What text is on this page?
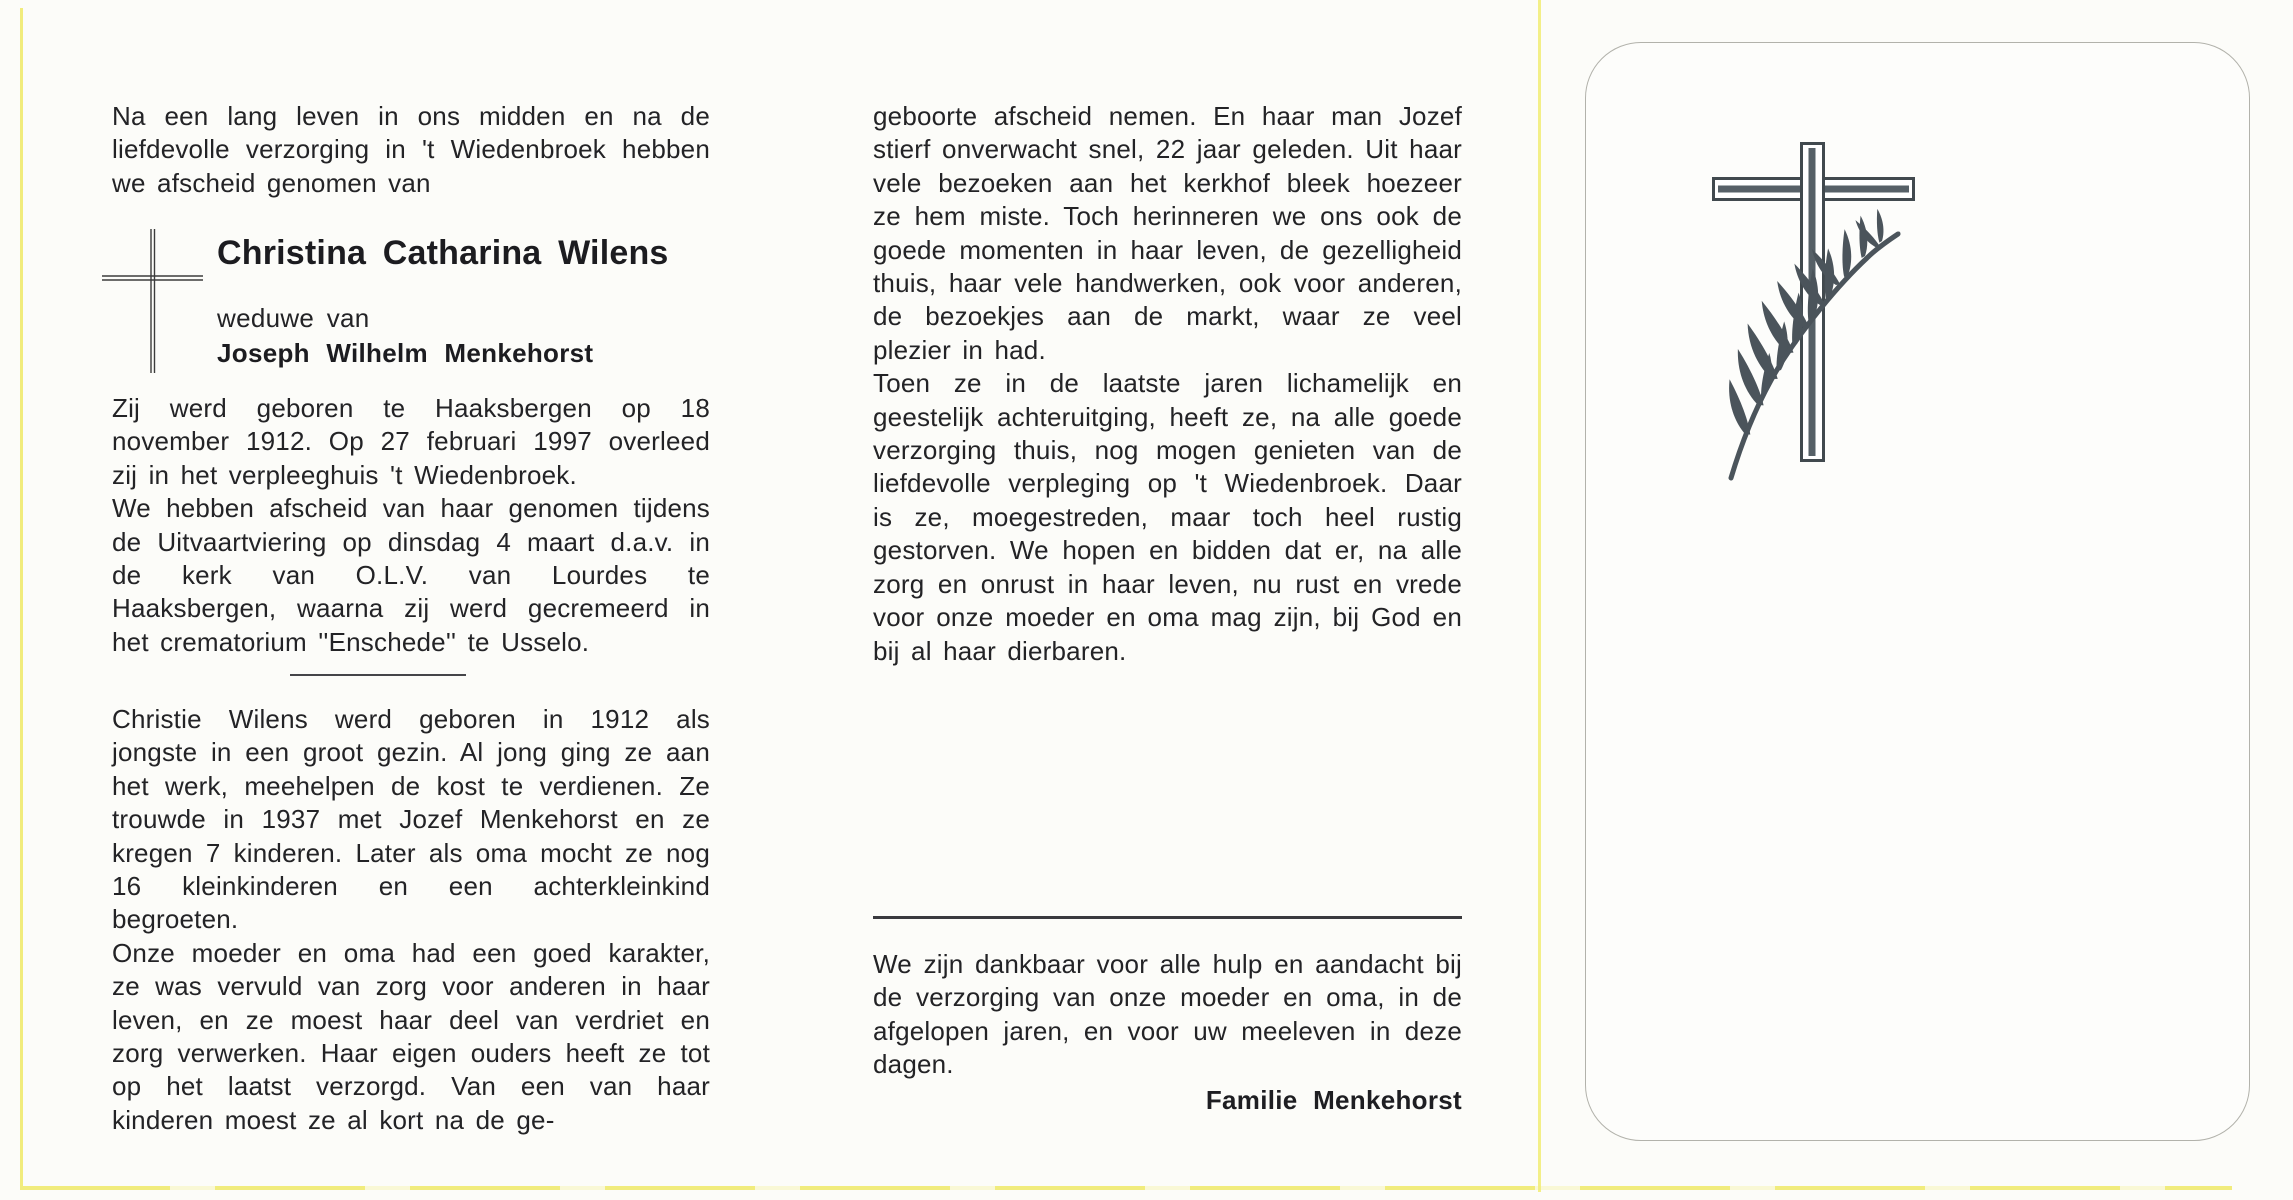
Na een lang leven in ons midden en na de liefdevolle verzorging in 't Wiedenbroek hebben we afscheid genomen van

Christina Catharina Wilens
weduwe van
Joseph Wilhelm Menkehorst

Zij werd geboren te Haaksbergen op 18 november 1912. Op 27 februari 1997 overleed zij in het verpleeghuis 't Wiedenbroek.

We hebben afscheid van haar genomen tijdens de Uitvaartviering op dinsdag 4 maart d.a.v. in de kerk van O.L.V. van Lourdes te Haaksbergen, waarna zij werd gecremeerd in het crematorium ''Enschede'' te Usselo.

Christie Wilens werd geboren in 1912 als jongste in een groot gezin. Al jong ging ze aan het werk, meehelpen de kost te verdienen. Ze trouwde in 1937 met Jozef Menkehorst en ze kregen 7 kinderen. Later als oma mocht ze nog 16 kleinkinderen en een achterkleinkind begroeten.

Onze moeder en oma had een goed karakter, ze was vervuld van zorg voor anderen in haar leven, en ze moest haar deel van verdriet en zorg verwerken. Haar eigen ouders heeft ze tot op het laatst verzorgd. Van een van haar kinderen moest ze al kort na de ge-

geboorte afscheid nemen. En haar man Jozef stierf onverwacht snel, 22 jaar geleden. Uit haar vele bezoeken aan het kerkhof bleek hoezeer ze hem miste. Toch herinneren we ons ook de goede momenten in haar leven, de gezelligheid thuis, haar vele handwerken, ook voor anderen, de bezoekjes aan de markt, waar ze veel plezier in had.

Toen ze in de laatste jaren lichamelijk en geestelijk achteruitging, heeft ze, na alle goede verzorging thuis, nog mogen genieten van de liefdevolle verpleging op 't Wiedenbroek. Daar is ze, moegestreden, maar toch heel rustig gestorven. We hopen en bidden dat er, na alle zorg en onrust in haar leven, nu rust en vrede voor onze moeder en oma mag zijn, bij God en bij al haar dierbaren.

We zijn dankbaar voor alle hulp en aandacht bij de verzorging van onze moeder en oma, in de afgelopen jaren, en voor uw meeleven in deze dagen.

Familie Menkehorst
